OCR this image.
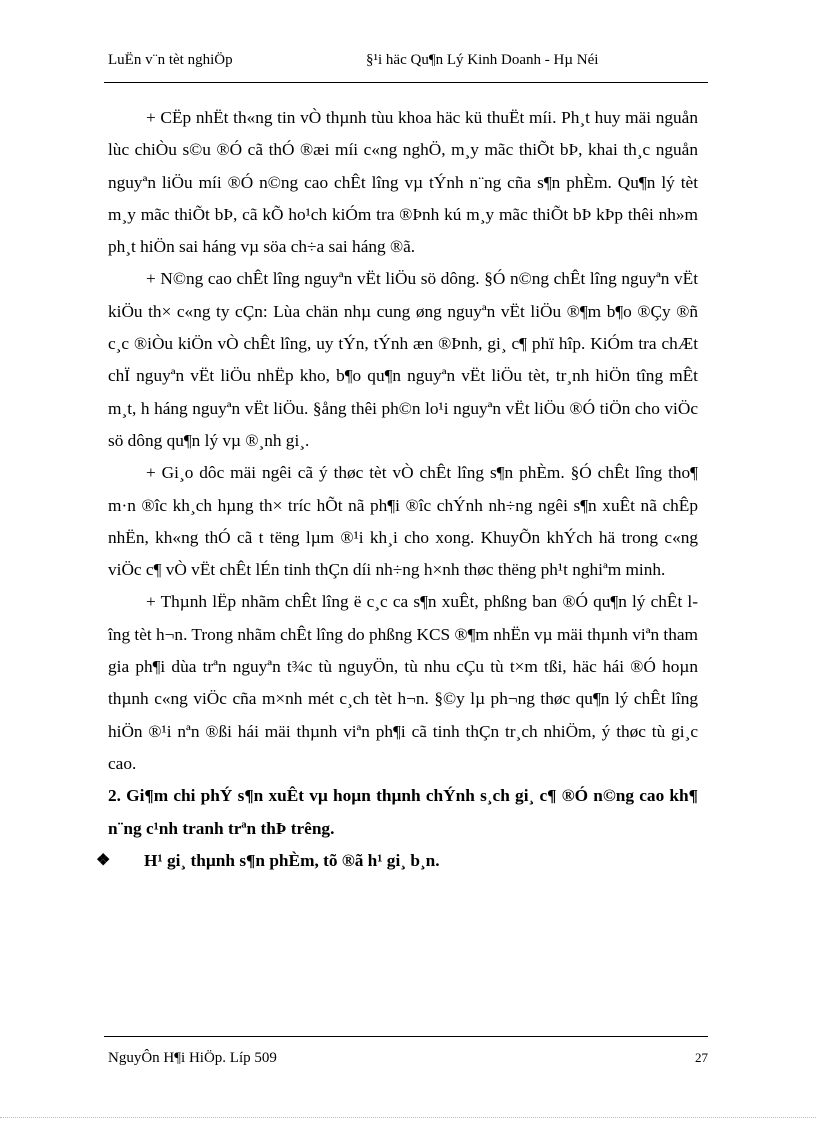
LuËn v¨n tèt nghiÖp	§¹i häc Qu¶n Lý Kinh Doanh - Hµ Néi

+ CËp nhËt th«ng tin vÒ thµnh tùu khoa häc kü thuËt míi. Ph¸t huy mäi nguån lùc chiÒu s©u ®Ó cã thÓ ®æi míi c«ng nghÖ, m¸y mãc thiÕt bÞ, khai th¸c nguån nguyªn liÖu míi ®Ó n©ng cao chÊt lîng vµ tÝnh n¨ng cña s¶n phÈm. Qu¶n lý tèt m¸y mãc thiÕt bÞ, cã kÕ ho¹ch kiÓm tra ®Þnh kú m¸y mãc thiÕt bÞ kÞp thêi nh»m ph¸t hiÖn sai háng vµ söa ch÷a sai háng ®ã.

+ N©ng cao chÊt lîng nguyªn vËt liÖu sö dông. §Ó n©ng chÊt lîng nguyªn vËt kiÖu th× c«ng ty cÇn: Lùa chän nhµ cung øng nguyªn vËt liÖu ®¶m b¶o ®Çy ®ñ c¸c ®iÒu kiÖn vÒ chÊt lîng, uy tÝn, tÝnh æn ®Þnh, gi¸ c¶ phï hîp. KiÓm tra chÆt chÏ nguyªn vËt liÖu nhËp kho, b¶o qu¶n nguyªn vËt liÖu tèt, tr¸nh hiÖn tîng mÊt m¸t, h háng nguyªn vËt liÖu. §ång thêi ph©n lo¹i nguyªn vËt liÖu ®Ó tiÖn cho viÖc sö dông qu¶n lý vµ ®¸nh gi¸.

+ Gi¸o dôc mäi ngêi cã ý thøc tèt vÒ chÊt lîng s¶n phÈm. §Ó chÊt lîng tho¶ m·n ®îc kh¸ch hµng th× tríc hÕt nã ph¶i ®îc chÝnh nh÷ng ngêi s¶n xuÊt nã chÊp nhËn, kh«ng thÓ cã t tëng lµm ®¹i kh¸i cho xong. KhuyÕn khÝch hä trong c«ng viÖc c¶ vÒ vËt chÊt lÉn tinh thÇn díi nh÷ng h×nh thøc thëng ph¹t nghiªm minh.

+ Thµnh lËp nhãm chÊt lîng ë c¸c ca s¶n xuÊt, phßng ban ®Ó qu¶n lý chÊt lîng tèt h¬n. Trong nhãm chÊt lîng do phßng KCS ®¶m nhËn vµ mäi thµnh viªn tham gia ph¶i dùa trªn nguyªn t¾c tù nguyÖn, tù nhu cÇu tù t×m tßi, häc hái ®Ó hoµn thµnh c«ng viÖc cña m×nh mét c¸ch tèt h¬n. §©y lµ ph¬ng thøc qu¶n lý chÊt lîng hiÖn ®¹i nªn ®ßi hái mäi thµnh viªn ph¶i cã tinh thÇn tr¸ch nhiÖm, ý thøc tù gi¸c cao.

2. Gi¶m chi phÝ s¶n xuÊt vµ hoµn thµnh chÝnh s¸ch gi¸ c¶ ®Ó n©ng cao kh¶ n¨ng c¹nh tranh trªn thÞ trêng.

❖ H¹ gi¸ thµnh s¶n phÈm, tõ ®ã h¹ gi¸ b¸n.
NguyÔn H¶i HiÖp. Líp 509	27
